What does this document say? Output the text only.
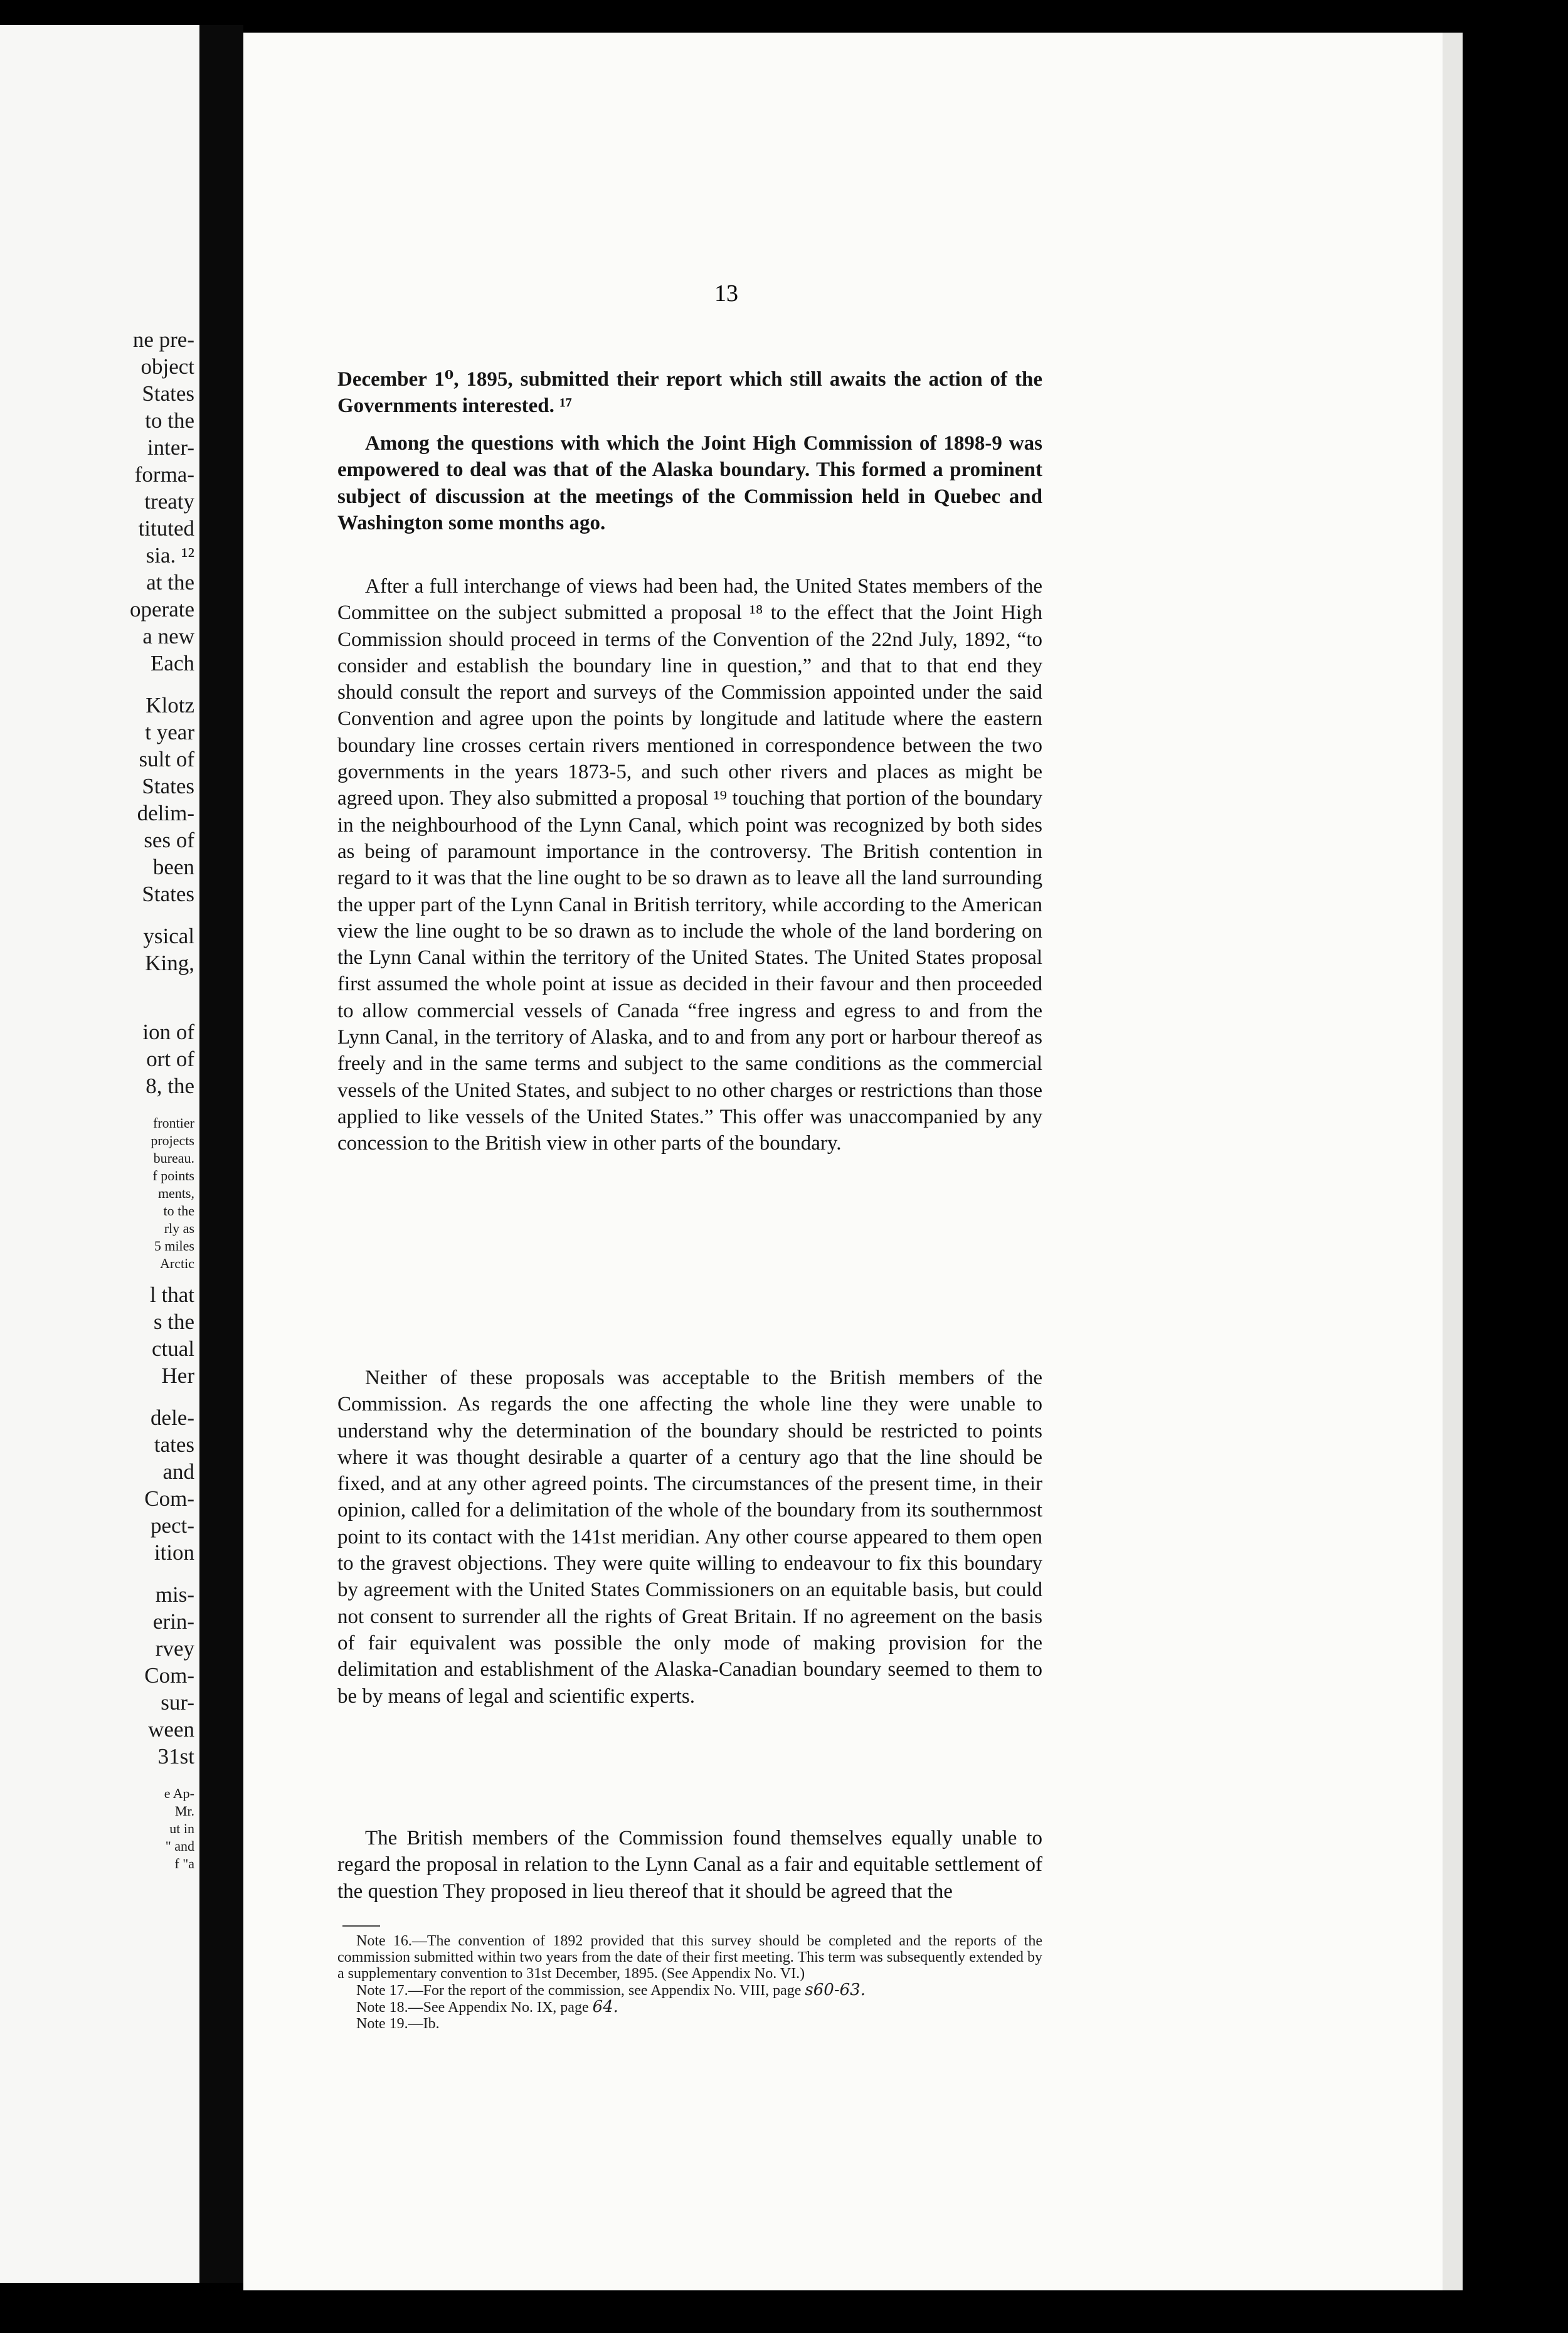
ne pre-
object
States
to the
inter-
forma-
treaty
tituted
sia. ¹²
at the
operate
a new
Each
Kl⁠otz
t year
sult of
States
delim-
ses of
been
States
ysical
King,

ion of
ort of
8, the
frontier
projects
bureau.
f points
ments,
to the
rly as
5 miles
Arctic
l that
s the
ctual
Her
dele-
tates
and
Com-
pect-
ition
mis-
erin-
rvey
Com-
sur-
ween
31st
e Ap-
Mr.
ut in
" and
f "a
13
December 1⁰, 1895, submitted their report which still awaits the action of the Governments interested. ¹⁷
Among the questions with which the Joint High Commission of 1898-9 was empowered to deal was that of the Alaska boundary. This formed a prominent subject of discussion at the meetings of the Commission held in Quebec and Washington some months ago.
After a full interchange of views had been had, the United States members of the Committee on the subject submitted a proposal ¹⁸ to the effect that the Joint High Commission should proceed in terms of the Convention of the 22nd July, 1892, “to consider and establish the boundary line in question,” and that to that end they should consult the report and surveys of the Commission appointed under the said Convention and agree upon the points by longitude and latitude where the eastern boundary line crosses certain rivers mentioned in correspondence between the two governments in the years 1873-5, and such other rivers and places as might be agreed upon. They also submitted a proposal ¹⁹ touching that portion of the boundary in the neighbourhood of the Lynn Canal, which point was recognized by both sides as being of paramount importance in the controversy. The British contention in regard to it was that the line ought to be so drawn as to leave all the land surrounding the upper part of the Lynn Canal in British territory, while according to the American view the line ought to be so drawn as to include the whole of the land bordering on the Lynn Canal within the territory of the United States. The United States proposal first assumed the whole point at issue as decided in their favour and then proceeded to allow commercial vessels of Canada “free ingress and egress to and from the Lynn Canal, in the territory of Alaska, and to and from any port or harbour thereof as freely and in the same terms and subject to the same conditions as the commercial vessels of the United States, and subject to no other charges or restrictions than those applied to like vessels of the United States.” This offer was unaccompanied by any concession to the British view in other parts of the boundary.
Neither of these proposals was acceptable to the British members of the Commission. As regards the one affecting the whole line they were unable to understand why the determination of the boundary should be restricted to points where it was thought desirable a quarter of a century ago that the line should be fixed, and at any other agreed points. The circumstances of the present time, in their opinion, called for a delimitation of the whole of the boundary from its southernmost point to its contact with the 141st meridian. Any other course appeared to them open to the gravest objections. They were quite willing to endeavour to fix this boundary by agreement with the United States Commissioners on an equitable basis, but could not consent to surrender all the rights of Great Britain. If no agreement on the basis of fair equivalent was possible the only mode of making provision for the delimitation and establishment of the Alaska-Canadian boundary seemed to them to be by means of legal and scientific experts.
The British members of the Commission found themselves equally unable to regard the proposal in relation to the Lynn Canal as a fair and equitable settlement of the question They proposed in lieu thereof that it should be agreed that the
Note 16.—The convention of 1892 provided that this survey should be completed and the reports of the commission submitted within two years from the date of their first meeting. This term was subsequently extended by a supplementary convention to 31st December, 1895. (See Appendix No. VI.)
Note 17.—For the report of the commission, see Appendix No. VIII, page s60-63.
Note 18.—See Appendix No. IX, page 64.
Note 19.—Ib.
